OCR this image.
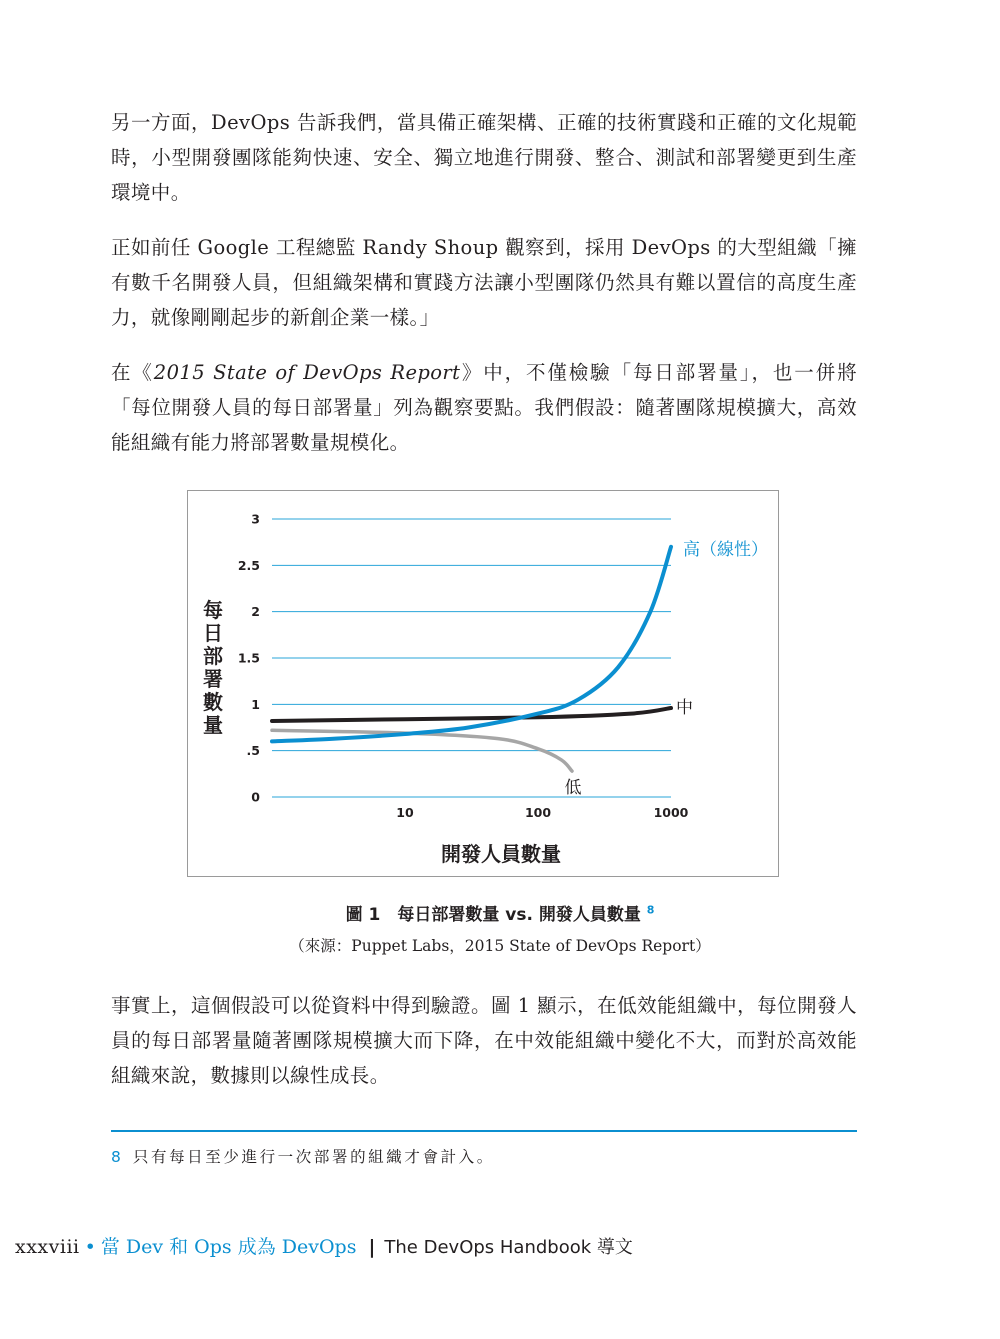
另一方面，DevOps 告訴我們，當具備正確架構、正確的技術實踐和正確的文化規範時，小型開發團隊能夠快速、安全、獨立地進行開發、整合、測試和部署變更到生產環境中。

正如前任 Google 工程總監 Randy Shoup 觀察到，採用 DevOps 的大型組織「擁有數千名開發人員，但組織架構和實踐方法讓小型團隊仍然具有難以置信的高度生產力，就像剛剛起步的新創企業一樣。」

在《2015 State of DevOps Report》中，不僅檢驗「每日部署量」，也一併將「每位開發人員的每日部署量」列為觀察要點。我們假設：隨著團隊規模擴大，高效能組織有能力將部署數量規模化。

0
.5
1
1.5
2
2.5
3
10	100	1000
開發人員數量
每
日
部
署
數
量
高（線性）
中
低
圖 1　每日部署數量 vs. 開發人員數量 $^8$
（來源：Puppet Labs，2015 State of DevOps Report）

事實上，這個假設可以從資料中得到驗證。圖 1 顯示，在低效能組織中，每位開發人員的每日部署量隨著團隊規模擴大而下降，在中效能組織中變化不大，而對於高效能組織來說，數據則以線性成長。

8 只有每日至少進行一次部署的組織才會計入。
xxxviii • 當 Dev 和 Ops 成為 DevOps | The DevOps Handbook 導文
